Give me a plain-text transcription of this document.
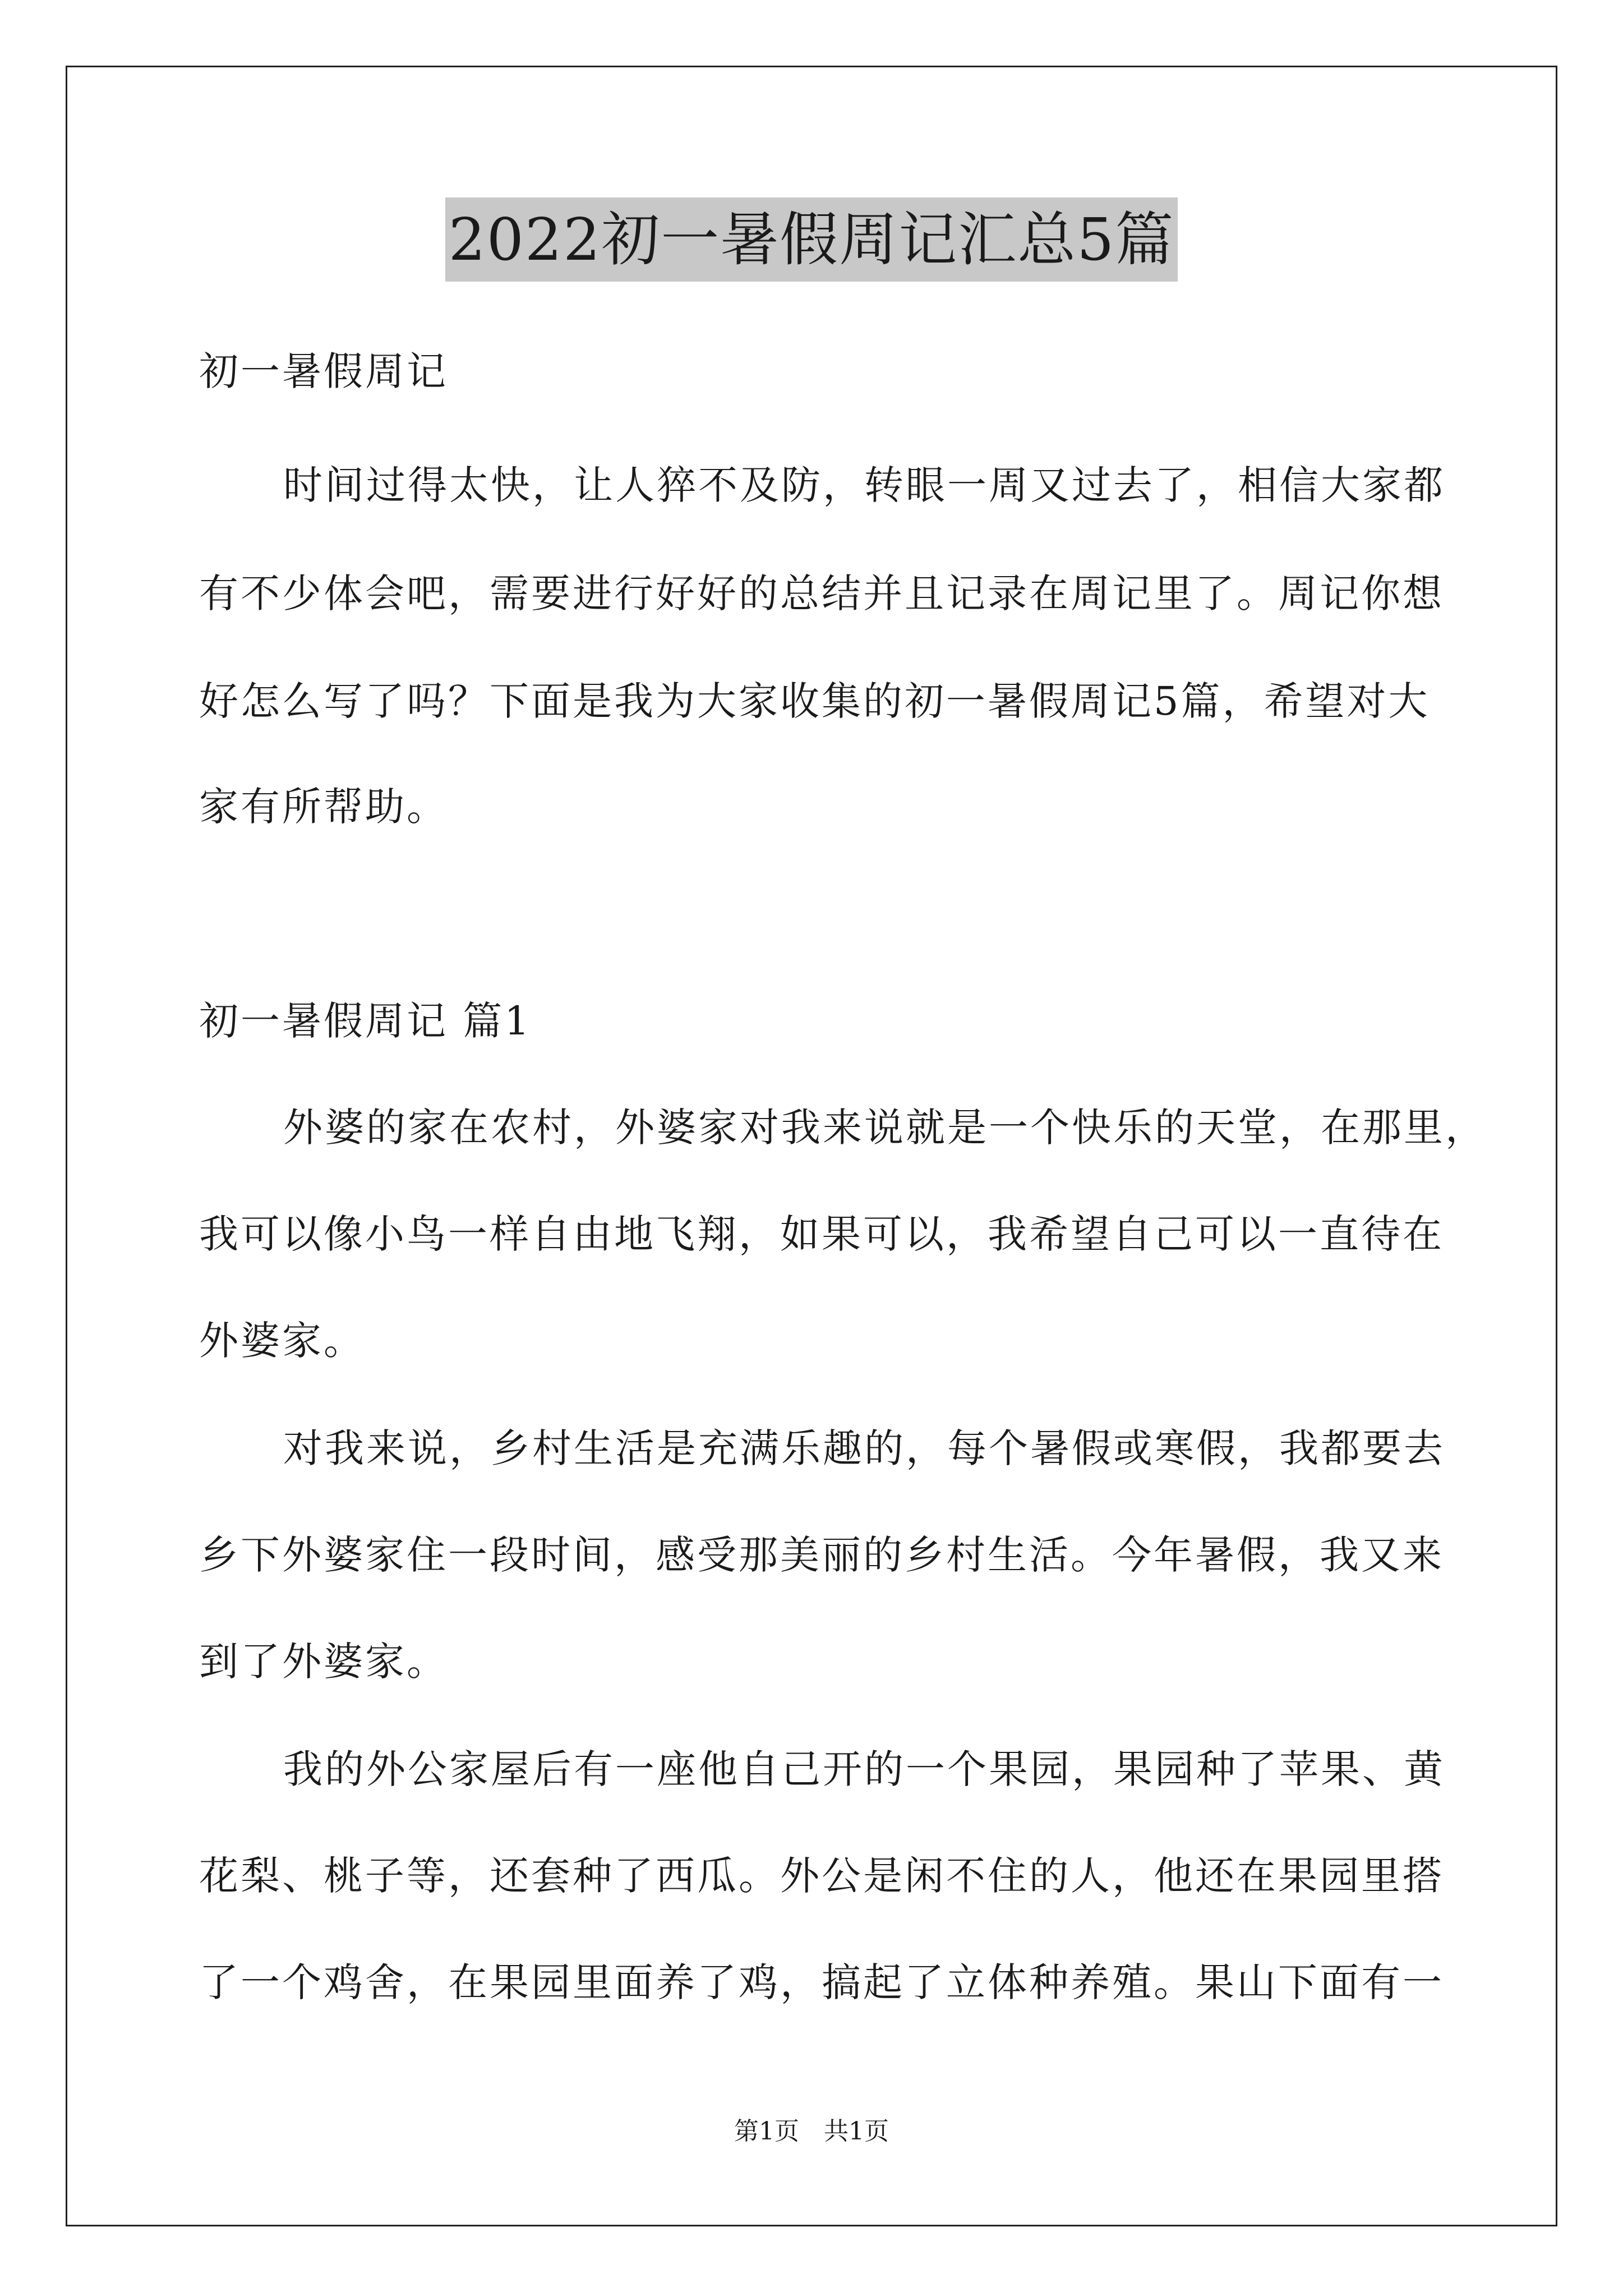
2022初一暑假周记汇总5篇
初一暑假周记
时间过得太快，让人猝不及防，转眼一周又过去了，相信大家都
有不少体会吧，需要进行好好的总结并且记录在周记里了。周记你想
好怎么写了吗？下面是我为大家收集的初一暑假周记5篇，希望对大
家有所帮助。
初一暑假周记 篇1
外婆的家在农村，外婆家对我来说就是一个快乐的天堂，在那里，
我可以像小鸟一样自由地飞翔，如果可以，我希望自己可以一直待在
外婆家。
对我来说，乡村生活是充满乐趣的，每个暑假或寒假，我都要去
乡下外婆家住一段时间，感受那美丽的乡村生活。今年暑假，我又来
到了外婆家。
我的外公家屋后有一座他自己开的一个果园，果园种了苹果、黄
花梨、桃子等，还套种了西瓜。外公是闲不住的人，他还在果园里搭
了一个鸡舍，在果园里面养了鸡，搞起了立体种养殖。果山下面有一
第1页　共1页
